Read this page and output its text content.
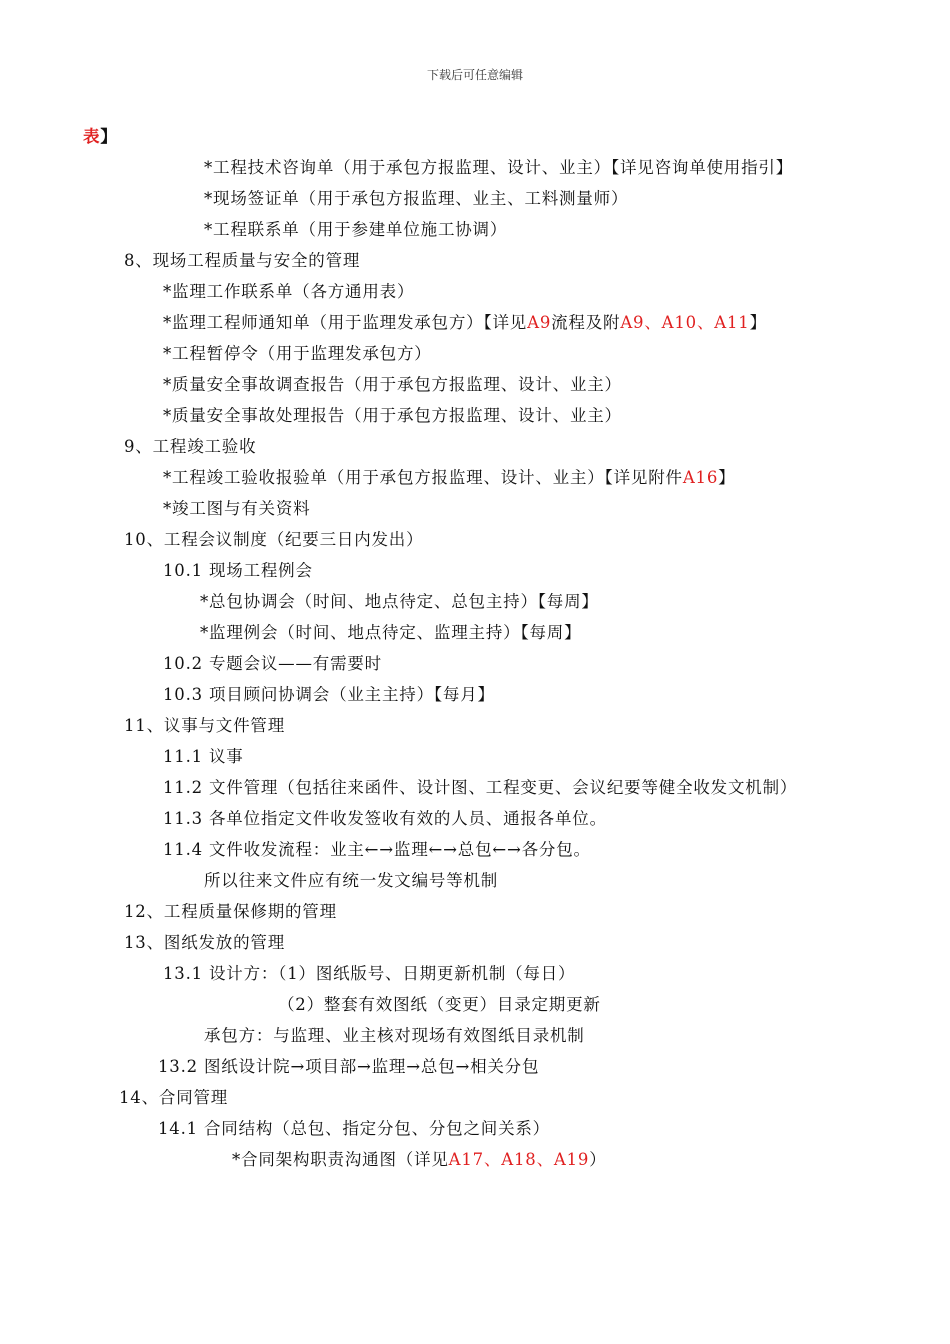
下载后可任意编辑
表】
*工程技术咨询单（用于承包方报监理、设计、业主）【详见咨询单使用指引】
*现场签证单（用于承包方报监理、业主、工料测量师）
*工程联系单（用于参建单位施工协调）
8、现场工程质量与安全的管理
*监理工作联系单（各方通用表）
*监理工程师通知单（用于监理发承包方）【详见A9流程及附A9、A10、A11】
*工程暂停令（用于监理发承包方）
*质量安全事故调查报告（用于承包方报监理、设计、业主）
*质量安全事故处理报告（用于承包方报监理、设计、业主）
9、工程竣工验收
*工程竣工验收报验单（用于承包方报监理、设计、业主）【详见附件A16】
*竣工图与有关资料
10、工程会议制度（纪要三日内发出）
10.1 现场工程例会
*总包协调会（时间、地点待定、总包主持）【每周】
*监理例会（时间、地点待定、监理主持）【每周】
10.2 专题会议——有需要时
10.3 项目顾问协调会（业主主持）【每月】
11、议事与文件管理
11.1 议事
11.2 文件管理（包括往来函件、设计图、工程变更、会议纪要等健全收发文机制）
11.3 各单位指定文件收发签收有效的人员、通报各单位。
11.4 文件收发流程：业主←→监理←→总包←→各分包。
所以往来文件应有统一发文编号等机制
12、工程质量保修期的管理
13、图纸发放的管理
13.1 设计方：（1）图纸版号、日期更新机制（每日）
（2）整套有效图纸（变更）目录定期更新
承包方：与监理、业主核对现场有效图纸目录机制
13.2 图纸设计院→项目部→监理→总包→相关分包
14、合同管理
14.1 合同结构（总包、指定分包、分包之间关系）
*合同架构职责沟通图（详见A17、A18、A19）
